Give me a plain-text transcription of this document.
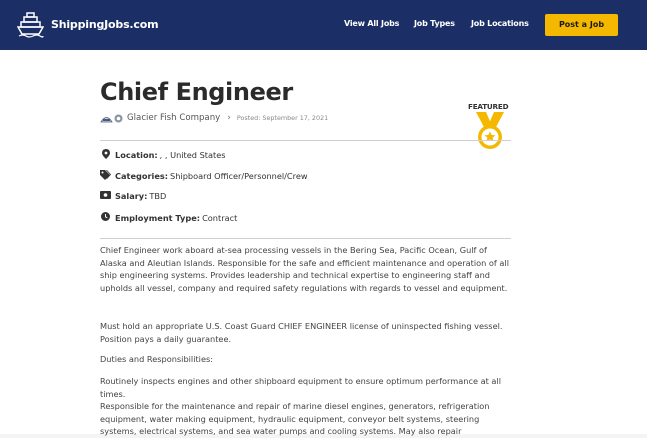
ShippingJobs.com	View All Jobs Job Types Job Locations	Post a Job
Chief Engineer
Glacier Fish Company › Posted: September 17, 2021
FEATURED
Location: , , United States
Categories: Shipboard Officer/Personnel/Crew
Salary: TBD
Employment Type: Contract

Chief Engineer work aboard at-sea processing vessels in the Bering Sea, Pacific Ocean, Gulf of Alaska and Aleutian Islands. Responsible for the safe and efficient maintenance and operation of all ship engineering systems. Provides leadership and technical expertise to engineering staff and upholds all vessel, company and required safety regulations with regards to vessel and equipment.

Must hold an appropriate U.S. Coast Guard CHIEF ENGINEER license of uninspected fishing vessel. Position pays a daily guarantee.

Duties and Responsibilities:

Routinely inspects engines and other shipboard equipment to ensure optimum performance at all times.
Responsible for the maintenance and repair of marine diesel engines, generators, refrigeration equipment, water making equipment, hydraulic equipment, conveyor belt systems, steering systems, electrical systems, and sea water pumps and cooling systems. May also repair
